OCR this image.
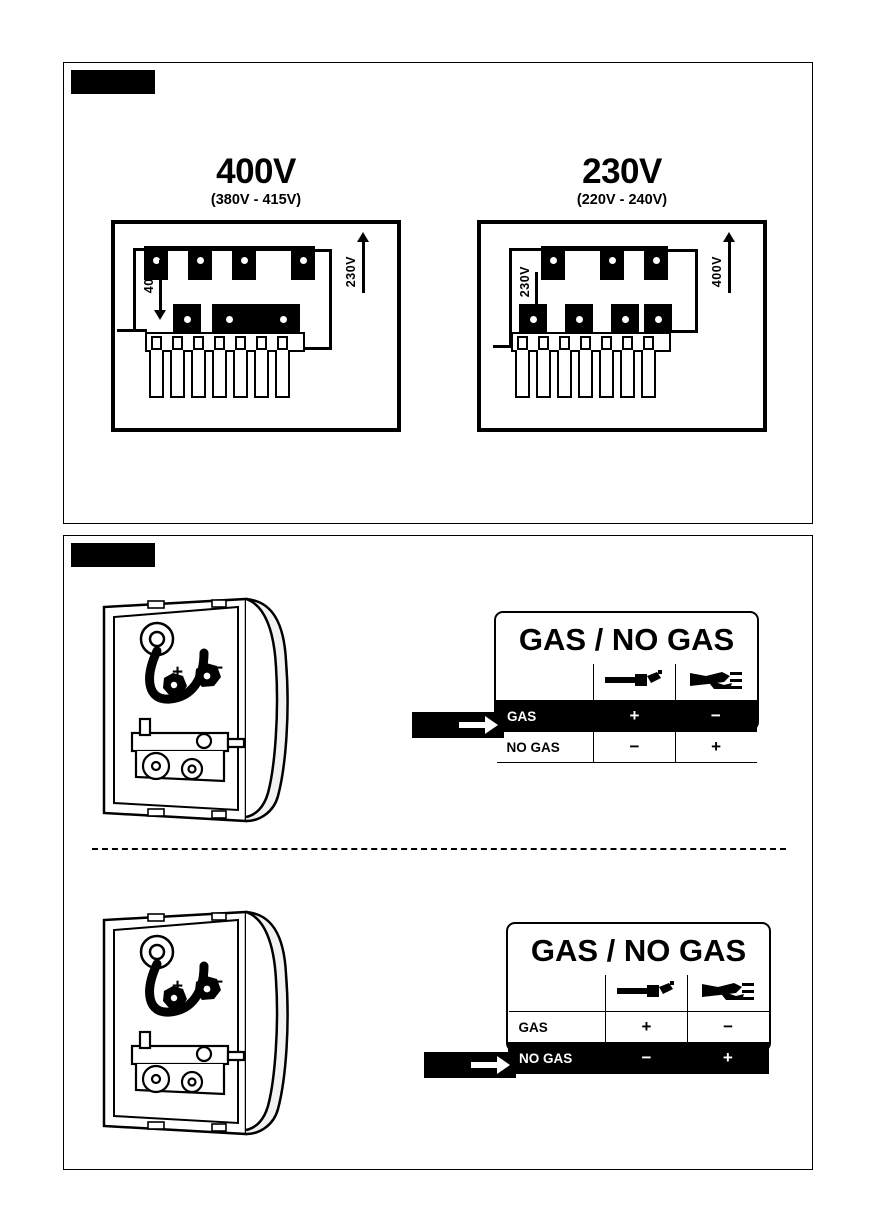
400V
(380V - 415V)
400V	230V
230V
(220V - 240V)
230V	400V
+ −
GAS / NO GAS

GAS	+	−
NO GAS	−	+
+ −
GAS / NO GAS

GAS	+	−
NO GAS	−	+
